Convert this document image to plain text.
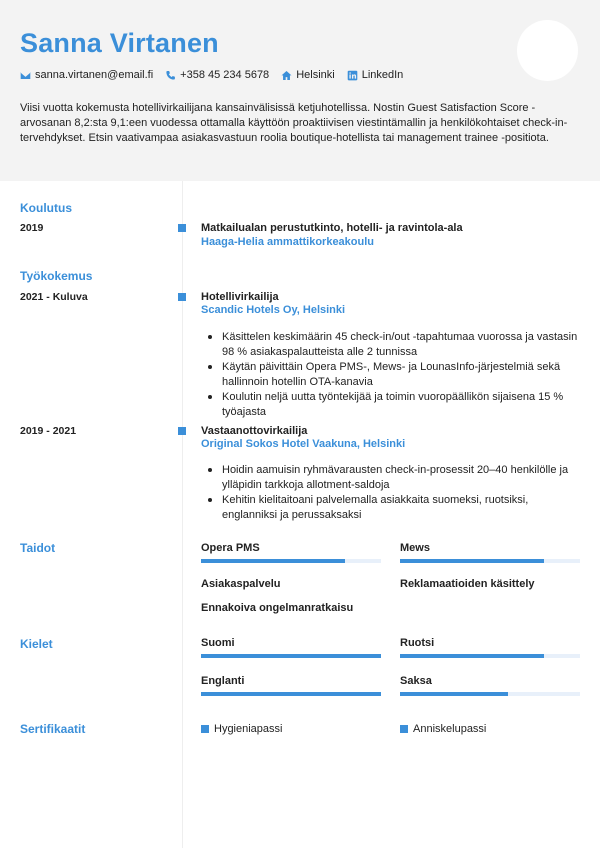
Sanna Virtanen
sanna.virtanen@email.fi +358 45 234 5678 Helsinki LinkedIn
Viisi vuotta kokemusta hotellivirkailijana kansainvälisissä ketjuhotellissa. Nostin Guest Satisfaction Score -arvosanan 8,2:sta 9,1:een vuodessa ottamalla käyttöön proaktiivisen viestintämallin ja henkilökohtaiset check-in-tervehdykset. Etsin vaativampaa asiakasvastuun roolia boutique-hotellista tai management trainee -positiota.
Koulutus
2019	Matkailualan perustutkinto, hotelli- ja ravintola-ala
Haaga-Helia ammattikorkeakoulu
Työkokemus
2021 - Kuluva	Hotellivirkailija
Scandic Hotels Oy, Helsinki
Käsittelen keskimäärin 45 check-in/out -tapahtumaa vuorossa ja vastasin 98 % asiakaspalautteista alle 2 tunnissa
Käytän päivittäin Opera PMS-, Mews- ja LounasInfo-järjestelmiä sekä hallinnoin hotellin OTA-kanavia
Koulutin neljä uutta työntekijää ja toimin vuoropäällikön sijaisena 15 % työajasta
2019 - 2021	Vastaanottovirkailija
Original Sokos Hotel Vaakuna, Helsinki
Hoidin aamuisin ryhmävarausten check-in-prosessit 20–40 henkilölle ja ylläpidin tarkkoja allotment-saldoja
Kehitin kielitaitoani palvelemalla asiakkaita suomeksi, ruotsiksi, englanniksi ja perussaksaksi
Taidot	Opera PMS	Mews
Asiakaspalvelu	Reklamaatioiden käsittely
Ennakoiva ongelmanratkaisu
Kielet	Suomi	Ruotsi
Englanti	Saksa
Sertifikaatit	Hygieniapassi	Anniskelupassi
